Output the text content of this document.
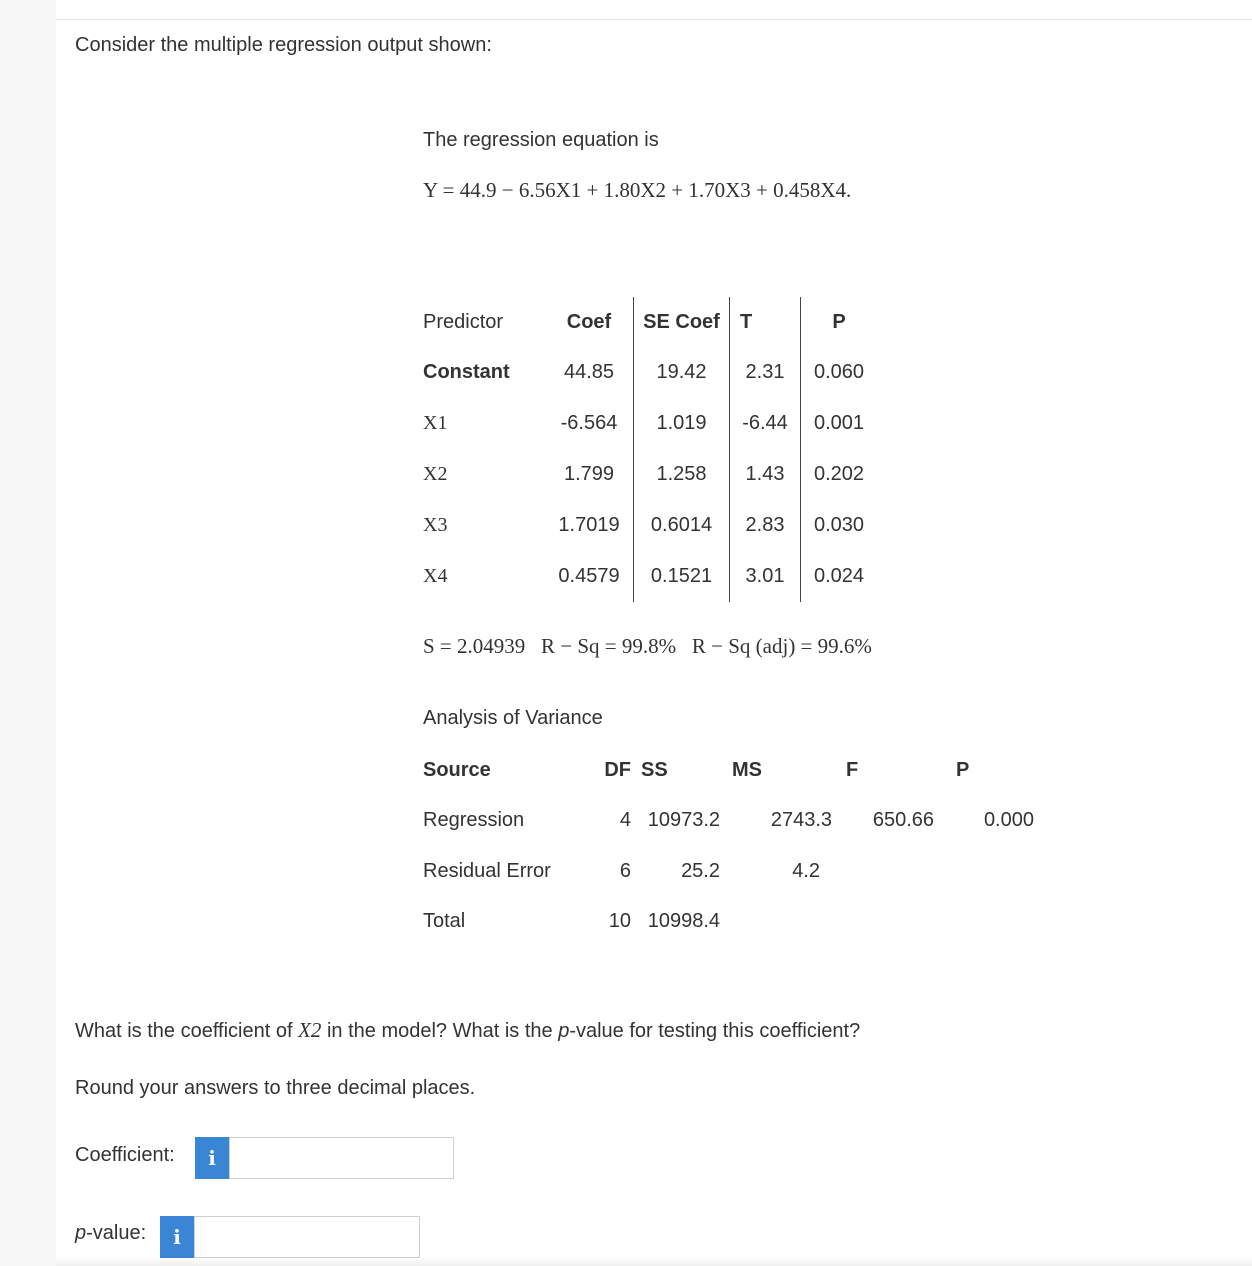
Consider the multiple regression output shown:
The regression equation is
Y = 44.9 − 6.56X1 + 1.80X2 + 1.70X3 + 0.458X4.
Predictor	Coef	SE Coef	T	P
Constant	44.85	19.42	2.31	0.060
X1	-6.564	1.019	-6.44	0.001
X2	1.799	1.258	1.43	0.202
X3	1.7019	0.6014	2.83	0.030
X4	0.4579	0.1521	3.01	0.024
S = 2.04939   R − Sq = 99.8%   R − Sq (adj) = 99.6%
Analysis of Variance
Source	DF	SS	MS	F	P
Regression	4	10973.2	2743.3	650.66	0.000
Residual Error	6	25.2	4.2		
Total	10	10998.4			
What is the coefficient of X2 in the model? What is the p-value for testing this coefficient?
Round your answers to three decimal places.
Coefficient:	i
p-value:	i
